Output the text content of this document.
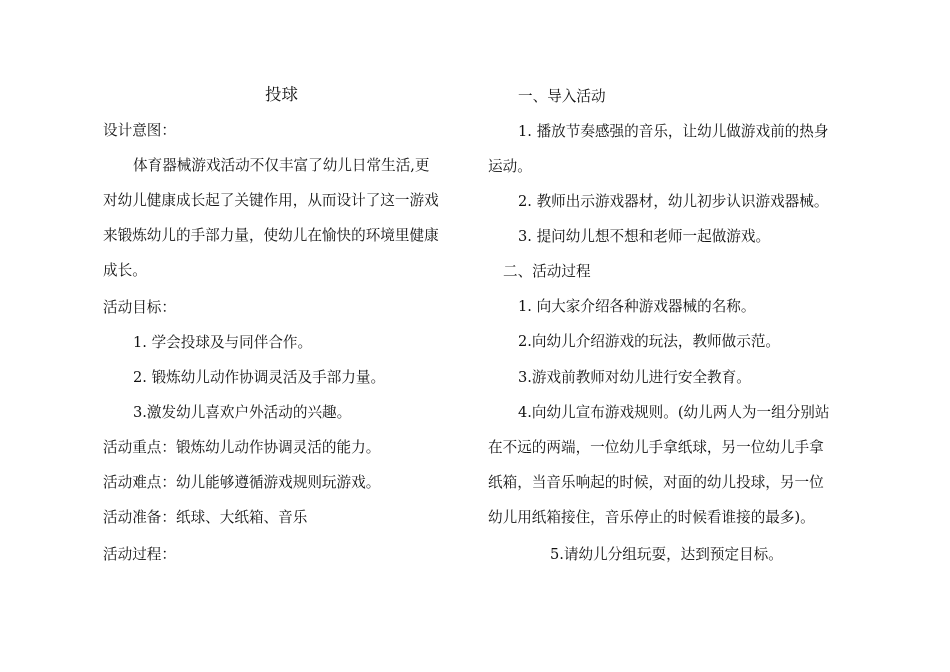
投球
设计意图：
体育器械游戏活动不仅丰富了幼儿日常生活,更
对幼儿健康成长起了关键作用，从而设计了这一游戏
来锻炼幼儿的手部力量，使幼儿在愉快的环境里健康
成长。
活动目标：
1. 学会投球及与同伴合作。
2. 锻炼幼儿动作协调灵活及手部力量。
3.激发幼儿喜欢户外活动的兴趣。
活动重点：锻炼幼儿动作协调灵活的能力。
活动难点：幼儿能够遵循游戏规则玩游戏。
活动准备：纸球、大纸箱、音乐
活动过程：
一、导入活动
1. 播放节奏感强的音乐，让幼儿做游戏前的热身
运动。
2. 教师出示游戏器材，幼儿初步认识游戏器械。
3. 提问幼儿想不想和老师一起做游戏。
二、活动过程
1. 向大家介绍各种游戏器械的名称。
2.向幼儿介绍游戏的玩法，教师做示范。
3.游戏前教师对幼儿进行安全教育。
4.向幼儿宣布游戏规则。(幼儿两人为一组分别站
在不远的两端，一位幼儿手拿纸球，另一位幼儿手拿
纸箱，当音乐响起的时候，对面的幼儿投球，另一位
幼儿用纸箱接住，音乐停止的时候看谁接的最多)。
5.请幼儿分组玩耍，达到预定目标。
